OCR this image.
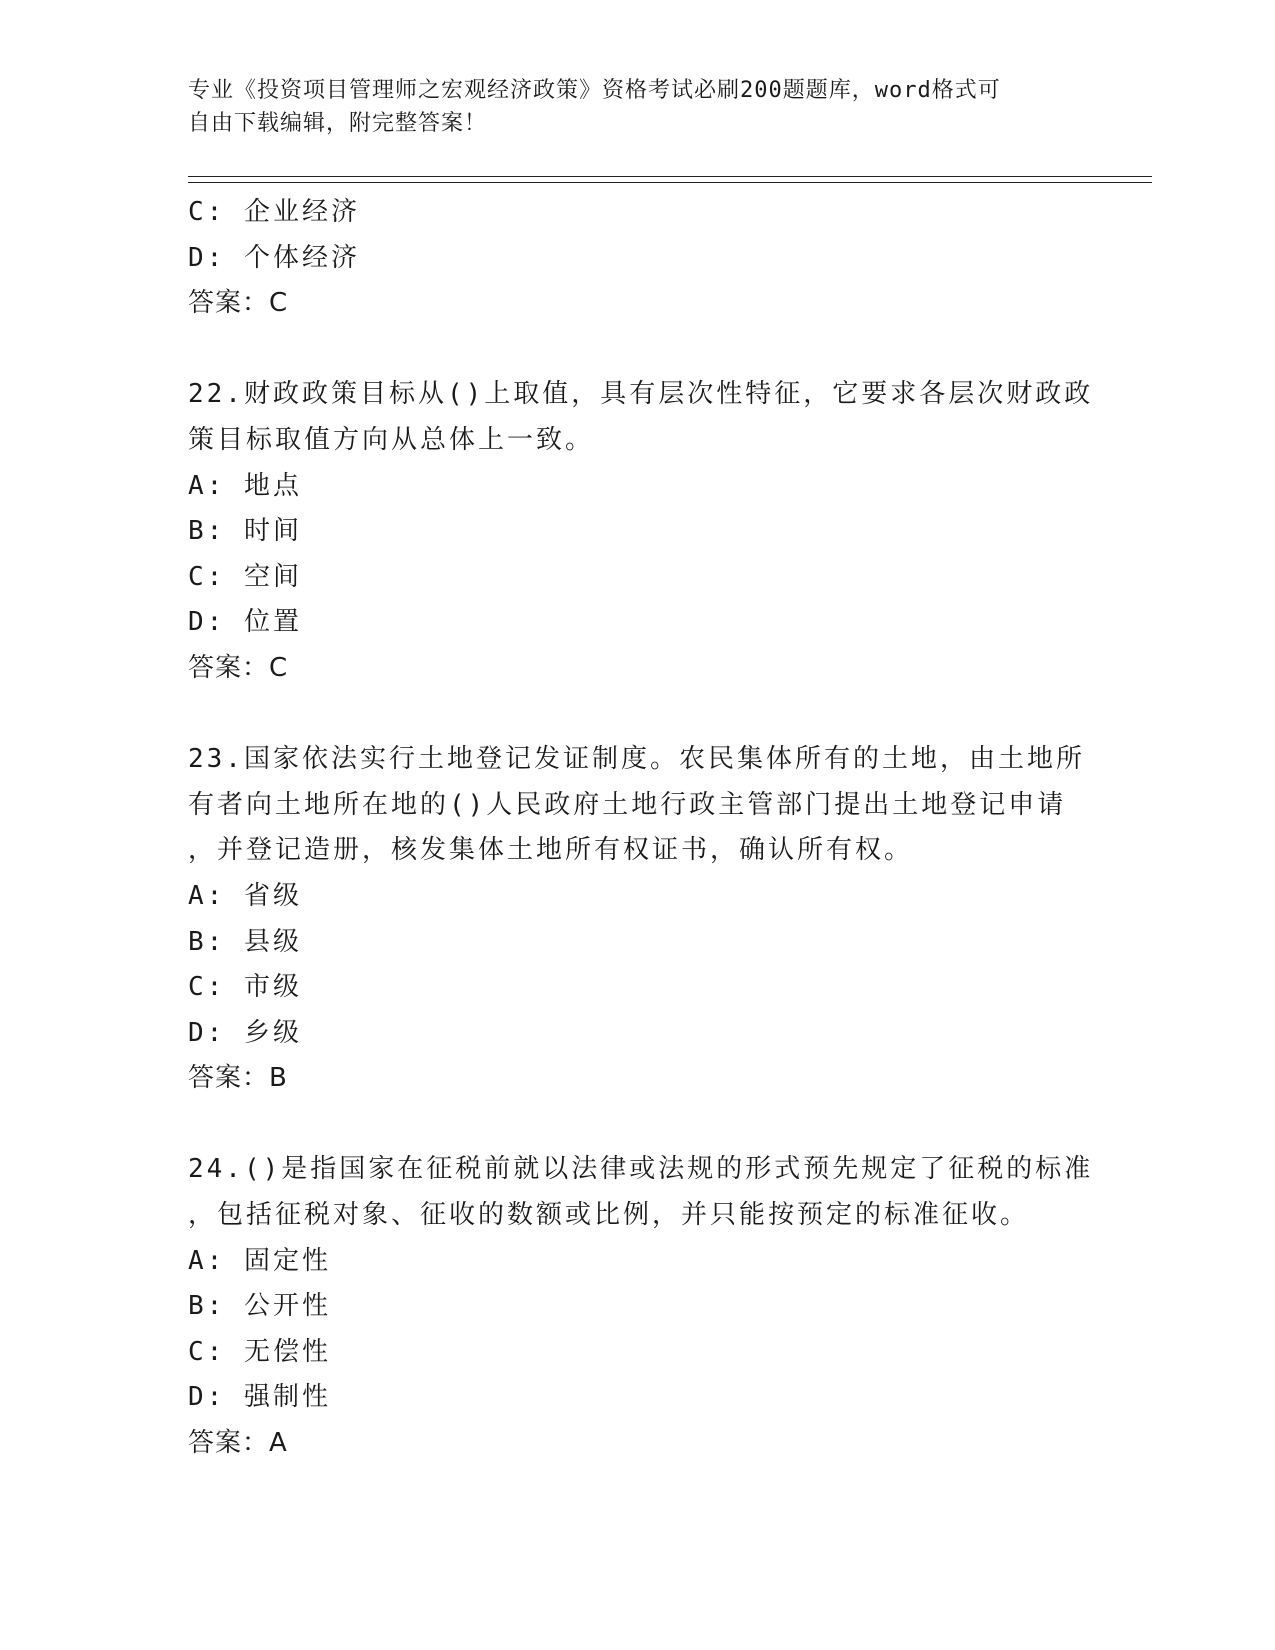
专业《投资项目管理师之宏观经济政策》资格考试必刷200题题库，word格式可
自由下载编辑，附完整答案！
C: 企业经济
D: 个体经济
答案：C
22.财政政策目标从()上取值，具有层次性特征，它要求各层次财政政
策目标取值方向从总体上一致。
A: 地点
B: 时间
C: 空间
D: 位置
答案：C
23.国家依法实行土地登记发证制度。农民集体所有的土地，由土地所
有者向土地所在地的()人民政府土地行政主管部门提出土地登记申请
，并登记造册，核发集体土地所有权证书，确认所有权。
A: 省级
B: 县级
C: 市级
D: 乡级
答案：B
24.()是指国家在征税前就以法律或法规的形式预先规定了征税的标准
，包括征税对象、征收的数额或比例，并只能按预定的标准征收。
A: 固定性
B: 公开性
C: 无偿性
D: 强制性
答案：A
